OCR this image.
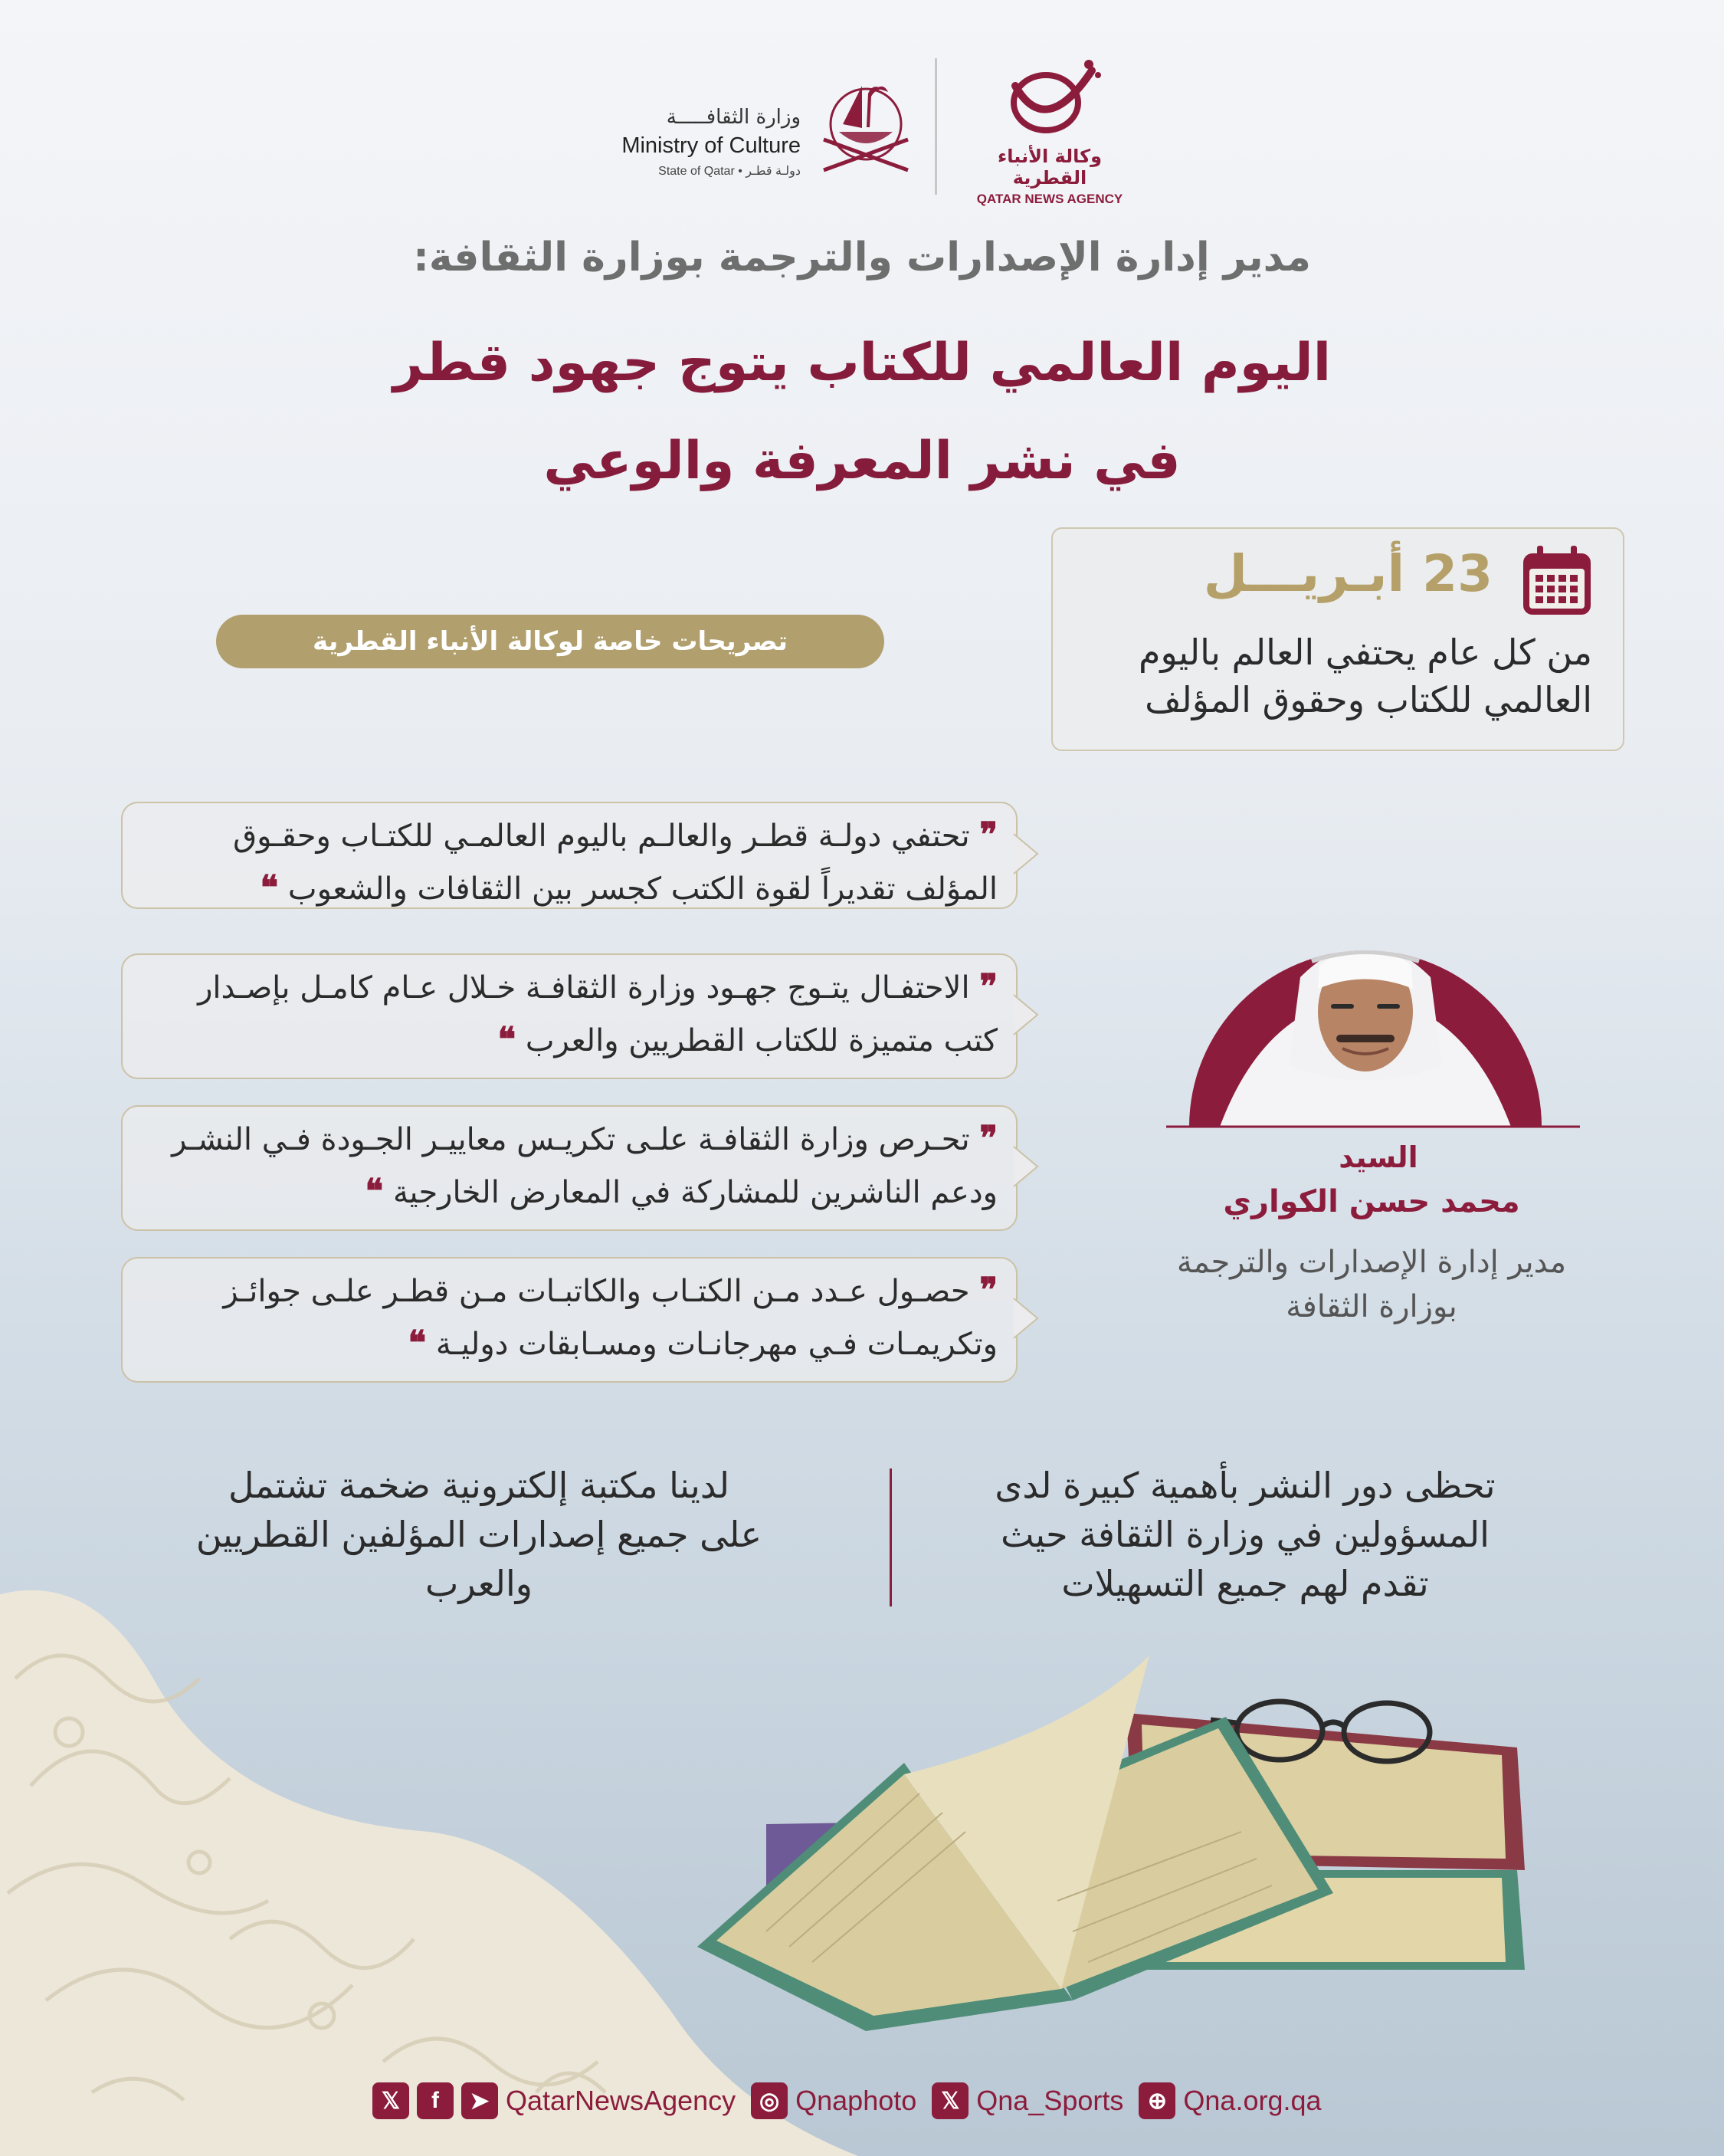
وزارة الثقافـــــة
Ministry of Culture
State of Qatar • دولـة قطـر
وكالة الأنباء القطرية
QATAR NEWS AGENCY
مدير إدارة الإصدارات والترجمة بوزارة الثقافة:
اليوم العالمي للكتاب يتوج جهود قطر
في نشر المعرفة والوعي
23 أبـريـــل
من كل عام يحتفي العالم باليوم
العالمي للكتاب وحقوق المؤلف
تصريحات خاصة لوكالة الأنباء القطرية
❞ تحتفي دولـة قطـر والعالـم باليوم العالمـي للكتـاب وحقـوق
المؤلف تقديراً لقوة الكتب كجسر بين الثقافات والشعوب ❝
❞ الاحتفـال يتـوج جهـود وزارة الثقافـة خـلال عـام كامـل بإصـدار
كتب متميزة للكتاب القطريين والعرب ❝
❞ تحـرص وزارة الثقافـة علـى تكريـس معاييـر الجـودة فـي النشـر
ودعم الناشرين للمشاركة في المعارض الخارجية ❝
❞ حصـول عـدد مـن الكتـاب والكاتبـات مـن قطـر علـى جوائـز
وتكريمـات فـي مهرجانـات ومسـابقات دوليـة ❝
السيد
محمد حسن الكواري
مدير إدارة الإصدارات والترجمة
بوزارة الثقافة
تحظى دور النشر بأهمية كبيرة لدى
المسؤولين في وزارة الثقافة حيث
تقدم لهم جميع التسهيلات
لدينا مكتبة إلكترونية ضخمة تشتمل
على جميع إصدارات المؤلفين القطريين
والعرب
𝕏	f	➤ QatarNewsAgency	◎ Qnaphoto	𝕏 Qna_Sports	⊕ Qna.org.qa
